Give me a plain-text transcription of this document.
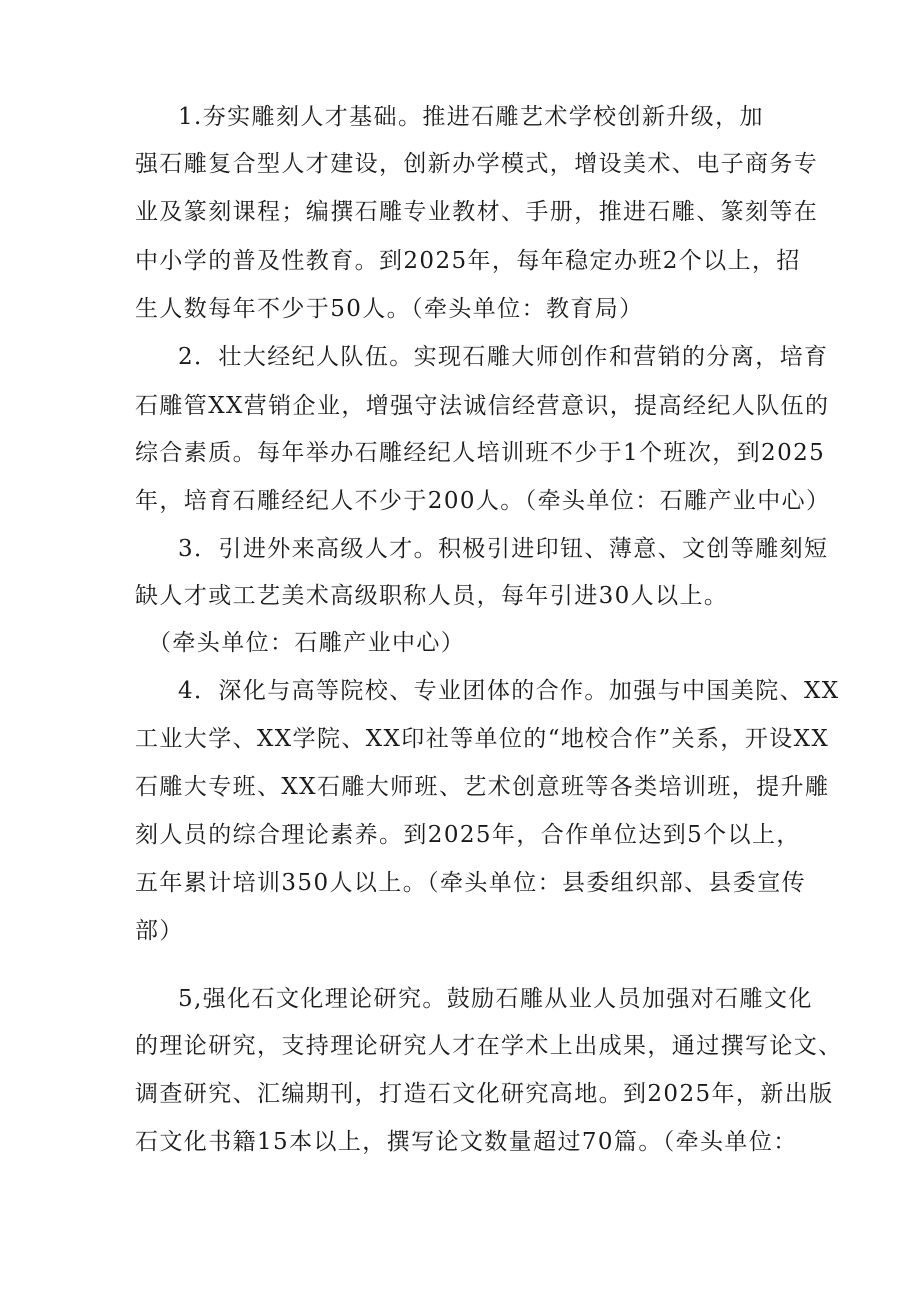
1.夯实雕刻人才基础。推进石雕艺术学校创新升级，加
强石雕复合型人才建设，创新办学模式，增设美术、电子商务专
业及篆刻课程；编撰石雕专业教材、手册，推进石雕、篆刻等在
中小学的普及性教育。到2025年，每年稳定办班2个以上，招
生人数每年不少于50人。（牵头单位：教育局）
2．壮大经纪人队伍。实现石雕大师创作和营销的分离，培育
石雕管XX营销企业，增强守法诚信经营意识，提高经纪人队伍的
综合素质。每年举办石雕经纪人培训班不少于1个班次，到2025
年，培育石雕经纪人不少于200人。（牵头单位：石雕产业中心）
3．引进外来高级人才。积极引进印钮、薄意、文创等雕刻短
缺人才或工艺美术高级职称人员，每年引进30人以上。
（牵头单位：石雕产业中心）
4．深化与高等院校、专业团体的合作。加强与中国美院、XX
工业大学、XX学院、XX印社等单位的“地校合作”关系，开设XX
石雕大专班、XX石雕大师班、艺术创意班等各类培训班，提升雕
刻人员的综合理论素养。到2025年，合作单位达到5个以上，
五年累计培训350人以上。（牵头单位：县委组织部、县委宣传
部）
5,强化石文化理论研究。鼓励石雕从业人员加强对石雕文化
的理论研究，支持理论研究人才在学术上出成果，通过撰写论文、
调查研究、汇编期刊，打造石文化研究高地。到2025年，新出版
石文化书籍15本以上，撰写论文数量超过70篇。（牵头单位：
